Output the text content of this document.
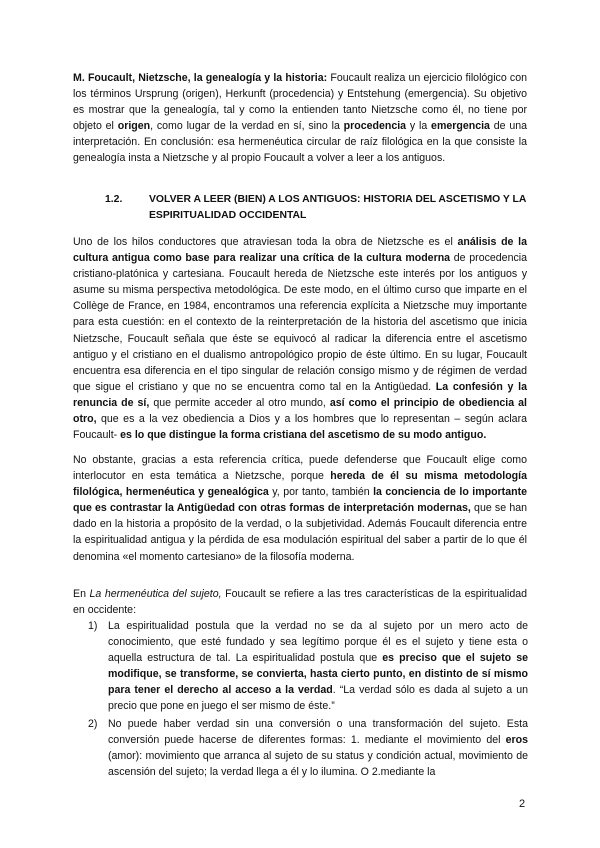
M. Foucault, Nietzsche, la genealogía y la historia: Foucault realiza un ejercicio filológico con los términos Ursprung (origen), Herkunft (procedencia) y Entstehung (emergencia). Su objetivo es mostrar que la genealogía, tal y como la entienden tanto Nietzsche como él, no tiene por objeto el origen, como lugar de la verdad en sí, sino la procedencia y la emergencia de una interpretación. En conclusión: esa hermenéutica circular de raíz filológica en la que consiste la genealogía insta a Nietzsche y al propio Foucault a volver a leer a los antiguos.

1.2.	VOLVER A LEER (BIEN) A LOS ANTIGUOS: HISTORIA DEL ASCETISMO Y LA ESPIRITUALIDAD OCCIDENTAL

Uno de los hilos conductores que atraviesan toda la obra de Nietzsche es el análisis de la cultura antigua como base para realizar una crítica de la cultura moderna de procedencia cristiano-platónica y cartesiana. Foucault hereda de Nietzsche este interés por los antiguos y asume su misma perspectiva metodológica. De este modo, en el último curso que imparte en el Collège de France, en 1984, encontramos una referencia explícita a Nietzsche muy importante para esta cuestión: en el contexto de la reinterpretación de la historia del ascetismo que inicia Nietzsche, Foucault señala que éste se equivocó al radicar la diferencia entre el ascetismo antiguo y el cristiano en el dualismo antropológico propio de éste último. En su lugar, Foucault encuentra esa diferencia en el tipo singular de relación consigo mismo y de régimen de verdad que sigue el cristiano y que no se encuentra como tal en la Antigüedad. La confesión y la renuncia de sí, que permite acceder al otro mundo, así como el principio de obediencia al otro, que es a la vez obediencia a Dios y a los hombres que lo representan – según aclara Foucault- es lo que distingue la forma cristiana del ascetismo de su modo antiguo.

No obstante, gracias a esta referencia crítica, puede defenderse que Foucault elige como interlocutor en esta temática a Nietzsche, porque hereda de él su misma metodología filológica, hermenéutica y genealógica y, por tanto, también la conciencia de lo importante que es contrastar la Antigüedad con otras formas de interpretación modernas, que se han dado en la historia a propósito de la verdad, o la subjetividad. Además Foucault diferencia entre la espiritualidad antigua y la pérdida de esa modulación espiritual del saber a partir de lo que él denomina «el momento cartesiano» de la filosofía moderna.

En La hermenéutica del sujeto, Foucault se refiere a las tres características de la espiritualidad en occidente:

1) La espiritualidad postula que la verdad no se da al sujeto por un mero acto de conocimiento, que esté fundado y sea legítimo porque él es el sujeto y tiene esta o aquella estructura de tal. La espiritualidad postula que es preciso que el sujeto se modifique, se transforme, se convierta, hasta cierto punto, en distinto de sí mismo para tener el derecho al acceso a la verdad. “La verdad sólo es dada al sujeto a un precio que pone en juego el ser mismo de éste.”

2) No puede haber verdad sin una conversión o una transformación del sujeto. Esta conversión puede hacerse de diferentes formas: 1. mediante el movimiento del eros (amor): movimiento que arranca al sujeto de su status y condición actual, movimiento de ascensión del sujeto; la verdad llega a él y lo ilumina. O 2.mediante la

2
